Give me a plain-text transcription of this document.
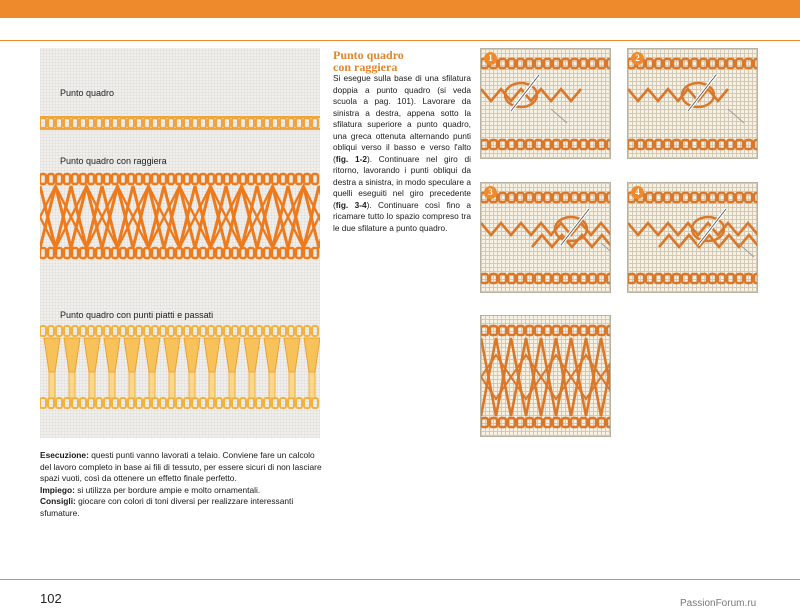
Punto quadro
Punto quadro con raggiera
Punto quadro con punti piatti e passati
Punto quadro
con raggiera

Si esegue sulla base di una sfilatura doppia a punto quadro (si veda scuola a pag. 101). Lavorare da sinistra a destra, appena sotto la sfilatura superiore a punto quadro, una greca ottenuta alternando punti obliqui verso il basso e verso l'alto (fig. 1-2). Continuare nel giro di ritorno, lavorando i punti obliqui da destra a sinistra, in modo speculare a quelli eseguiti nel giro precedente (fig. 3-4). Continuare così fino a ricamare tutto lo spazio compreso tra le due sfilature a punto quadro.

Esecuzione: questi punti vanno lavorati a telaio. Conviene fare un calcolo del lavoro completo in base ai fili di tessuto, per essere sicuri di non lasciare spazi vuoti, così da ottenere un effetto finale perfetto.

Impiego: si utilizza per bordure ampie e molto ornamentali.

Consigli: giocare con colori di toni diversi per realizzare interessanti sfumature.

1	2
3	4
102	PassionForum.ru
